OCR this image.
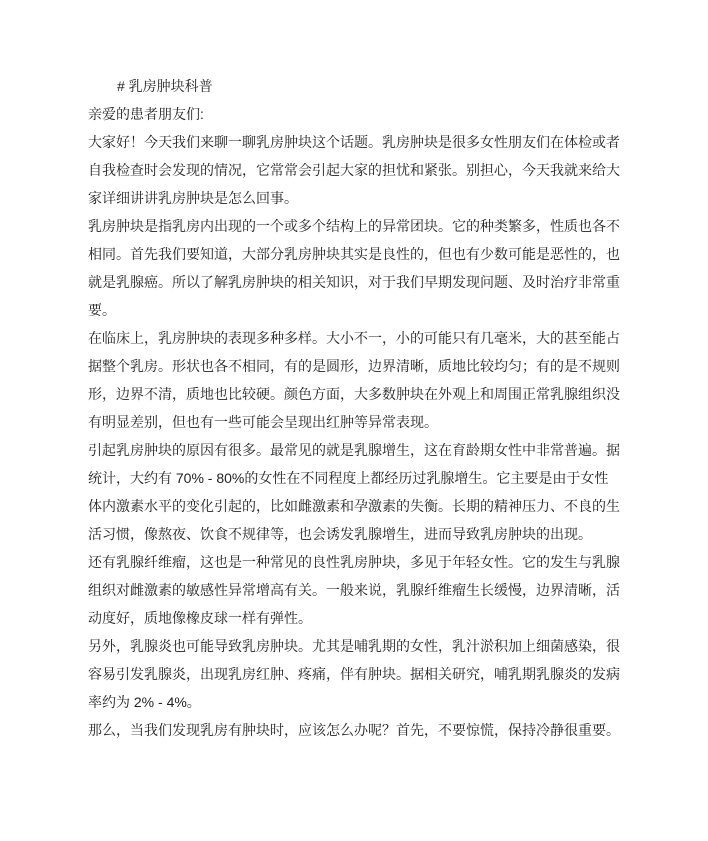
# 乳房肿块科普
亲爱的患者朋友们:
大家好！今天我们来聊一聊乳房肿块这个话题。乳房肿块是很多女性朋友们在体检或者自我检查时会发现的情况，它常常会引起大家的担忧和紧张。别担心，今天我就来给大家详细讲讲乳房肿块是怎么回事。
乳房肿块是指乳房内出现的一个或多个结构上的异常团块。它的种类繁多，性质也各不相同。首先我们要知道，大部分乳房肿块其实是良性的，但也有少数可能是恶性的，也就是乳腺癌。所以了解乳房肿块的相关知识，对于我们早期发现问题、及时治疗非常重要。
在临床上，乳房肿块的表现多种多样。大小不一，小的可能只有几毫米，大的甚至能占据整个乳房。形状也各不相同，有的是圆形，边界清晰，质地比较均匀；有的是不规则形，边界不清，质地也比较硬。颜色方面，大多数肿块在外观上和周围正常乳腺组织没有明显差别，但也有一些可能会呈现出红肿等异常表现。
引起乳房肿块的原因有很多。最常见的就是乳腺增生，这在育龄期女性中非常普遍。据统计，大约有 70% - 80%的女性在不同程度上都经历过乳腺增生。它主要是由于女性体内激素水平的变化引起的，比如雌激素和孕激素的失衡。长期的精神压力、不良的生活习惯，像熬夜、饮食不规律等，也会诱发乳腺增生，进而导致乳房肿块的出现。
还有乳腺纤维瘤，这也是一种常见的良性乳房肿块，多见于年轻女性。它的发生与乳腺组织对雌激素的敏感性异常增高有关。一般来说，乳腺纤维瘤生长缓慢，边界清晰，活动度好，质地像橡皮球一样有弹性。
另外，乳腺炎也可能导致乳房肿块。尤其是哺乳期的女性，乳汁淤积加上细菌感染，很容易引发乳腺炎，出现乳房红肿、疼痛，伴有肿块。据相关研究，哺乳期乳腺炎的发病率约为 2% - 4%。
那么，当我们发现乳房有肿块时，应该怎么办呢？首先，不要惊慌，保持冷静很重要。
